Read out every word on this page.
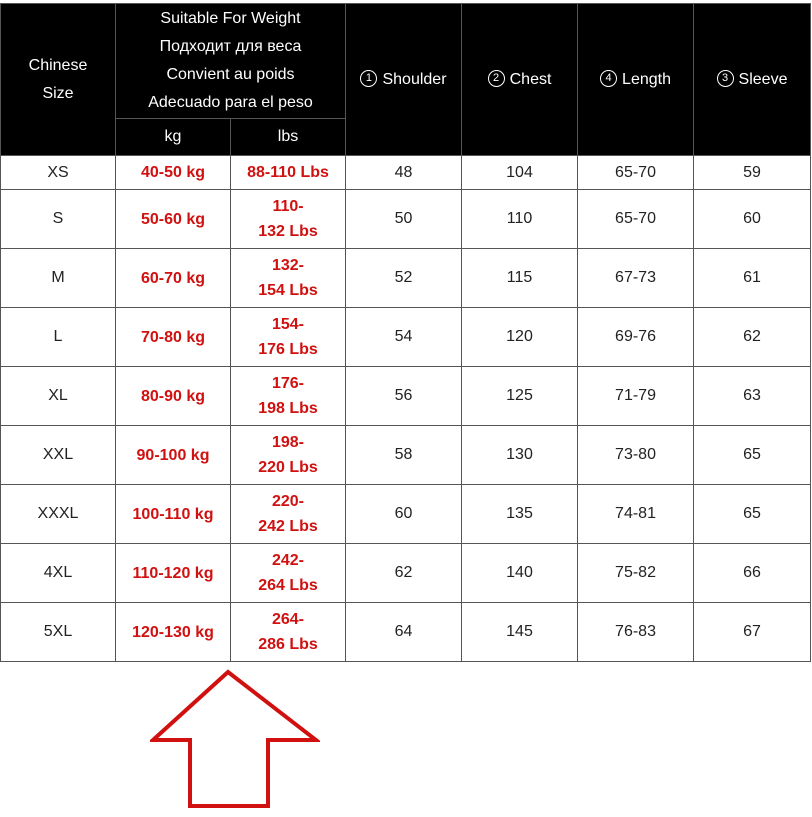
Chinese
Size	Suitable For Weight
Подходит для веса
Convient au poids
Adecuado para el peso		1 Shoulder	2 Chest	4 Length	3 Sleeve
	kg	lbs				
XS	40-50 kg	88-110 Lbs	48	104	65-70	59
S	50-60 kg	110-
132 Lbs	50	110	65-70	60
M	60-70 kg	132-
154 Lbs	52	115	67-73	61
L	70-80 kg	154-
176 Lbs	54	120	69-76	62
XL	80-90 kg	176-
198 Lbs	56	125	71-79	63
XXL	90-100 kg	198-
220 Lbs	58	130	73-80	65
XXXL	100-110 kg	220-
242 Lbs	60	135	74-81	65
4XL	110-120 kg	242-
264 Lbs	62	140	75-82	66
5XL	120-130 kg	264-
286 Lbs	64	145	76-83	67
